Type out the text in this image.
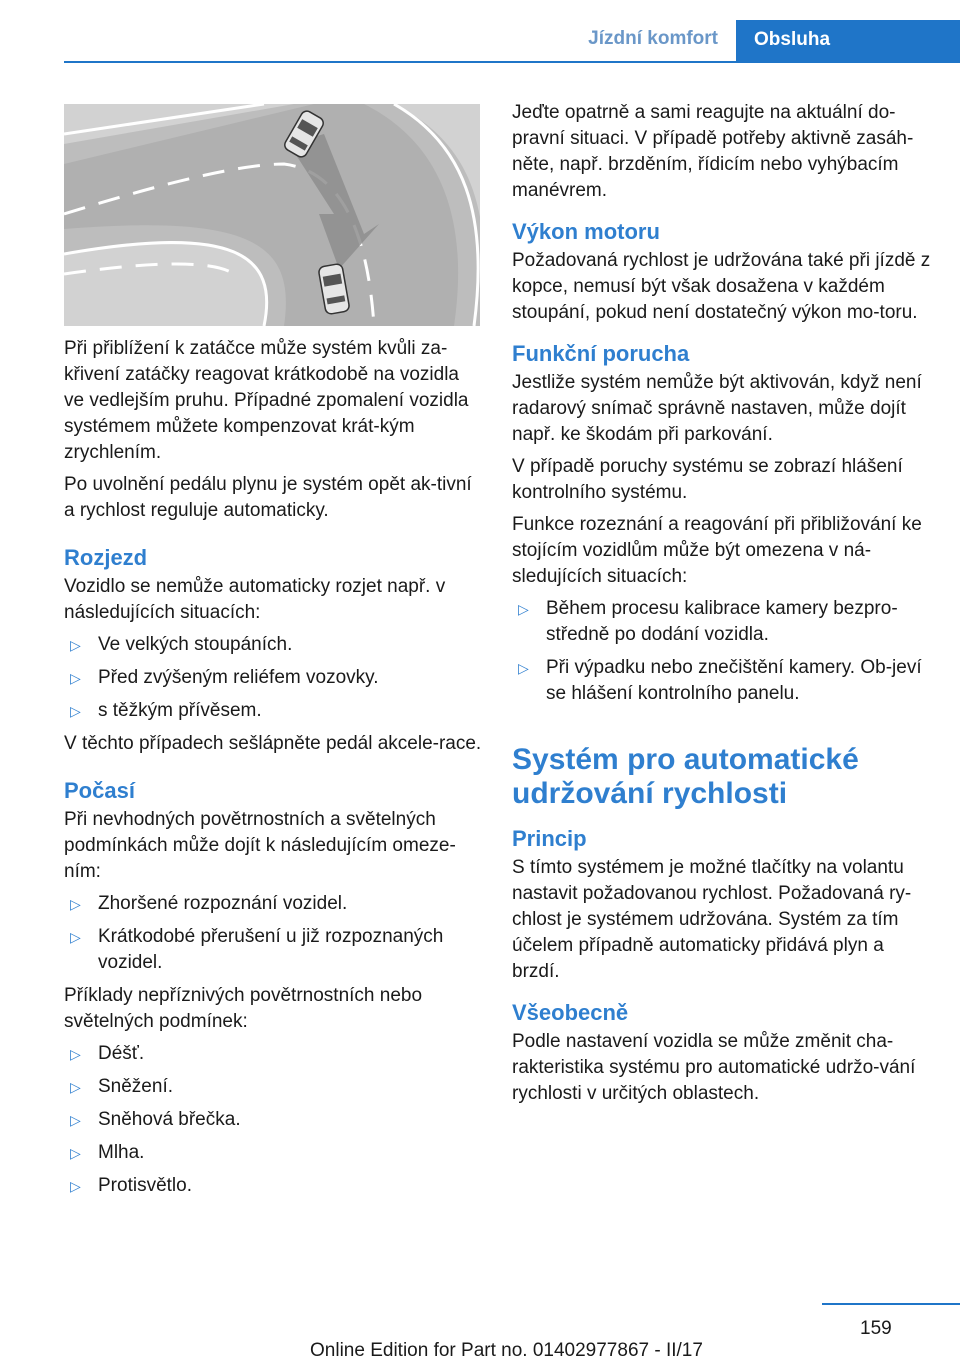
Jízdní komfort	Obsluha

Při přiblížení k zatáčce může systém kvůli za‐křivení zatáčky reagovat krátkodobě na vozidla ve vedlejším pruhu. Případné zpomalení vozidla systémem můžete kompenzovat krát‐kým zrychlením.

Po uvolnění pedálu plynu je systém opět ak‐tivní a rychlost reguluje automaticky.

Rozjezd

Vozidlo se nemůže automaticky rozjet např. v následujících situacích:

▷ Ve velkých stoupáních.
▷ Před zvýšeným reliéfem vozovky.
▷ s těžkým přívěsem.

V těchto případech sešlápněte pedál akcele‐race.

Počasí

Při nevhodných povětrnostních a světelných podmínkách může dojít k následujícím omeze‐ním:

▷ Zhoršené rozpoznání vozidel.
▷ Krátkodobé přerušení u již rozpoznaných vozidel.

Příklady nepříznivých povětrnostních nebo světelných podmínek:

▷ Déšť.
▷ Sněžení.
▷ Sněhová břečka.
▷ Mlha.
▷ Protisvětlo.

Jeďte opatrně a sami reagujte na aktuální do‐pravní situaci. V případě potřeby aktivně zasáh‐něte, např. brzděním, řídicím nebo vyhýbacím manévrem.

Výkon motoru

Požadovaná rychlost je udržována také při jízdě z kopce, nemusí být však dosažena v každém stoupání, pokud není dostatečný výkon mo‐toru.

Funkční porucha

Jestliže systém nemůže být aktivován, když není radarový snímač správně nastaven, může dojít např. ke škodám při parkování.

V případě poruchy systému se zobrazí hlášení kontrolního systému.

Funkce rozeznání a reagování při přibližování ke stojícím vozidlům může být omezena v ná‐sledujících situacích:

▷ Během procesu kalibrace kamery bezpro‐středně po dodání vozidla.
▷ Při výpadku nebo znečištění kamery. Ob‐jeví se hlášení kontrolního panelu.
Systém pro automatické udržování rychlosti
Princip

S tímto systémem je možné tlačítky na volantu nastavit požadovanou rychlost. Požadovaná ry‐chlost je systémem udržována. Systém za tím účelem případně automaticky přidává plyn a brzdí.

Všeobecně

Podle nastavení vozidla se může změnit cha‐rakteristika systému pro automatické udržo‐vání rychlosti v určitých oblastech.

159
Online Edition for Part no. 01402977867 - II/17
